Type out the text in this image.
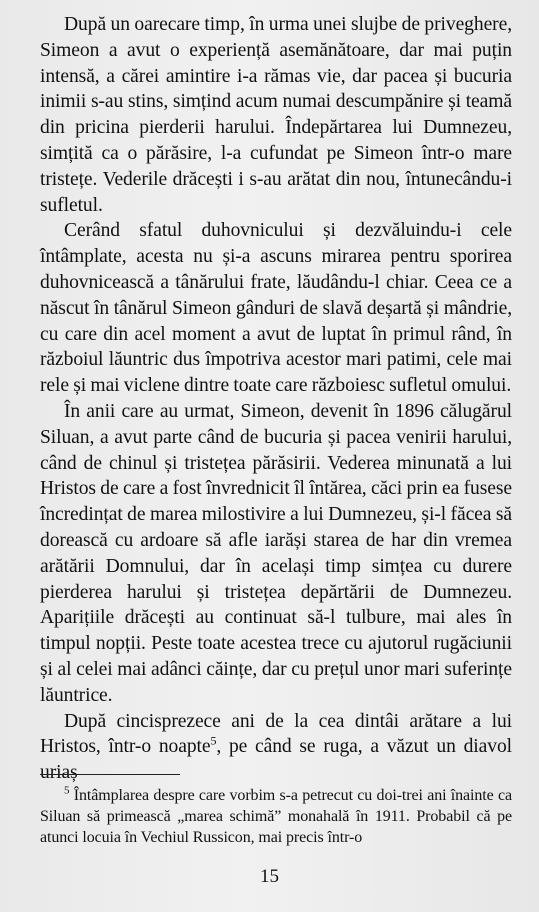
După un oarecare timp, în urma unei slujbe de priveghere, Simeon a avut o experiență asemănătoare, dar mai puțin intensă, a cărei amintire i-a rămas vie, dar pacea și bucuria inimii s-au stins, simțind acum numai descumpănire și teamă din pricina pierderii harului. Îndepărtarea lui Dumnezeu, simțită ca o părăsire, l-a cufundat pe Simeon într-o mare tristețe. Vederile drăcești i s-au arătat din nou, întunecându-i sufletul.

Cerând sfatul duhovnicului și dezvăluindu-i cele întâmplate, acesta nu și-a ascuns mirarea pentru sporirea duhovnicească a tânărului frate, lăudându-l chiar. Ceea ce a născut în tânărul Simeon gânduri de slavă deșartă și mândrie, cu care din acel moment a avut de luptat în primul rând, în războiul lăuntric dus împotriva acestor mari patimi, cele mai rele și mai viclene dintre toate care războiesc sufletul omului.

În anii care au urmat, Simeon, devenit în 1896 călugărul Siluan, a avut parte când de bucuria și pacea venirii harului, când de chinul și tristețea părăsirii. Vederea minunată a lui Hristos de care a fost învrednicit îl întărea, căci prin ea fusese încredințat de marea milostivire a lui Dumnezeu, și-l făcea să dorească cu ardoare să afle iarăși starea de har din vremea arătării Domnului, dar în același timp simțea cu durere pierderea harului și tristețea depărtării de Dumnezeu. Aparițiile drăcești au continuat să-l tulbure, mai ales în timpul nopții. Peste toate acestea trece cu ajutorul rugăciunii și al celei mai adânci căințe, dar cu prețul unor mari suferințe lăuntrice.

După cincisprezece ani de la cea dintâi arătare a lui Hristos, într-o noapte$^5$, pe când se ruga, a văzut un diavol uriaș

$^5$ Întâmplarea despre care vorbim s-a petrecut cu doi-trei ani înainte ca Siluan să primească „marea schimă” monahală în 1911. Probabil că pe atunci locuia în Vechiul Russicon, mai precis într-o

15
